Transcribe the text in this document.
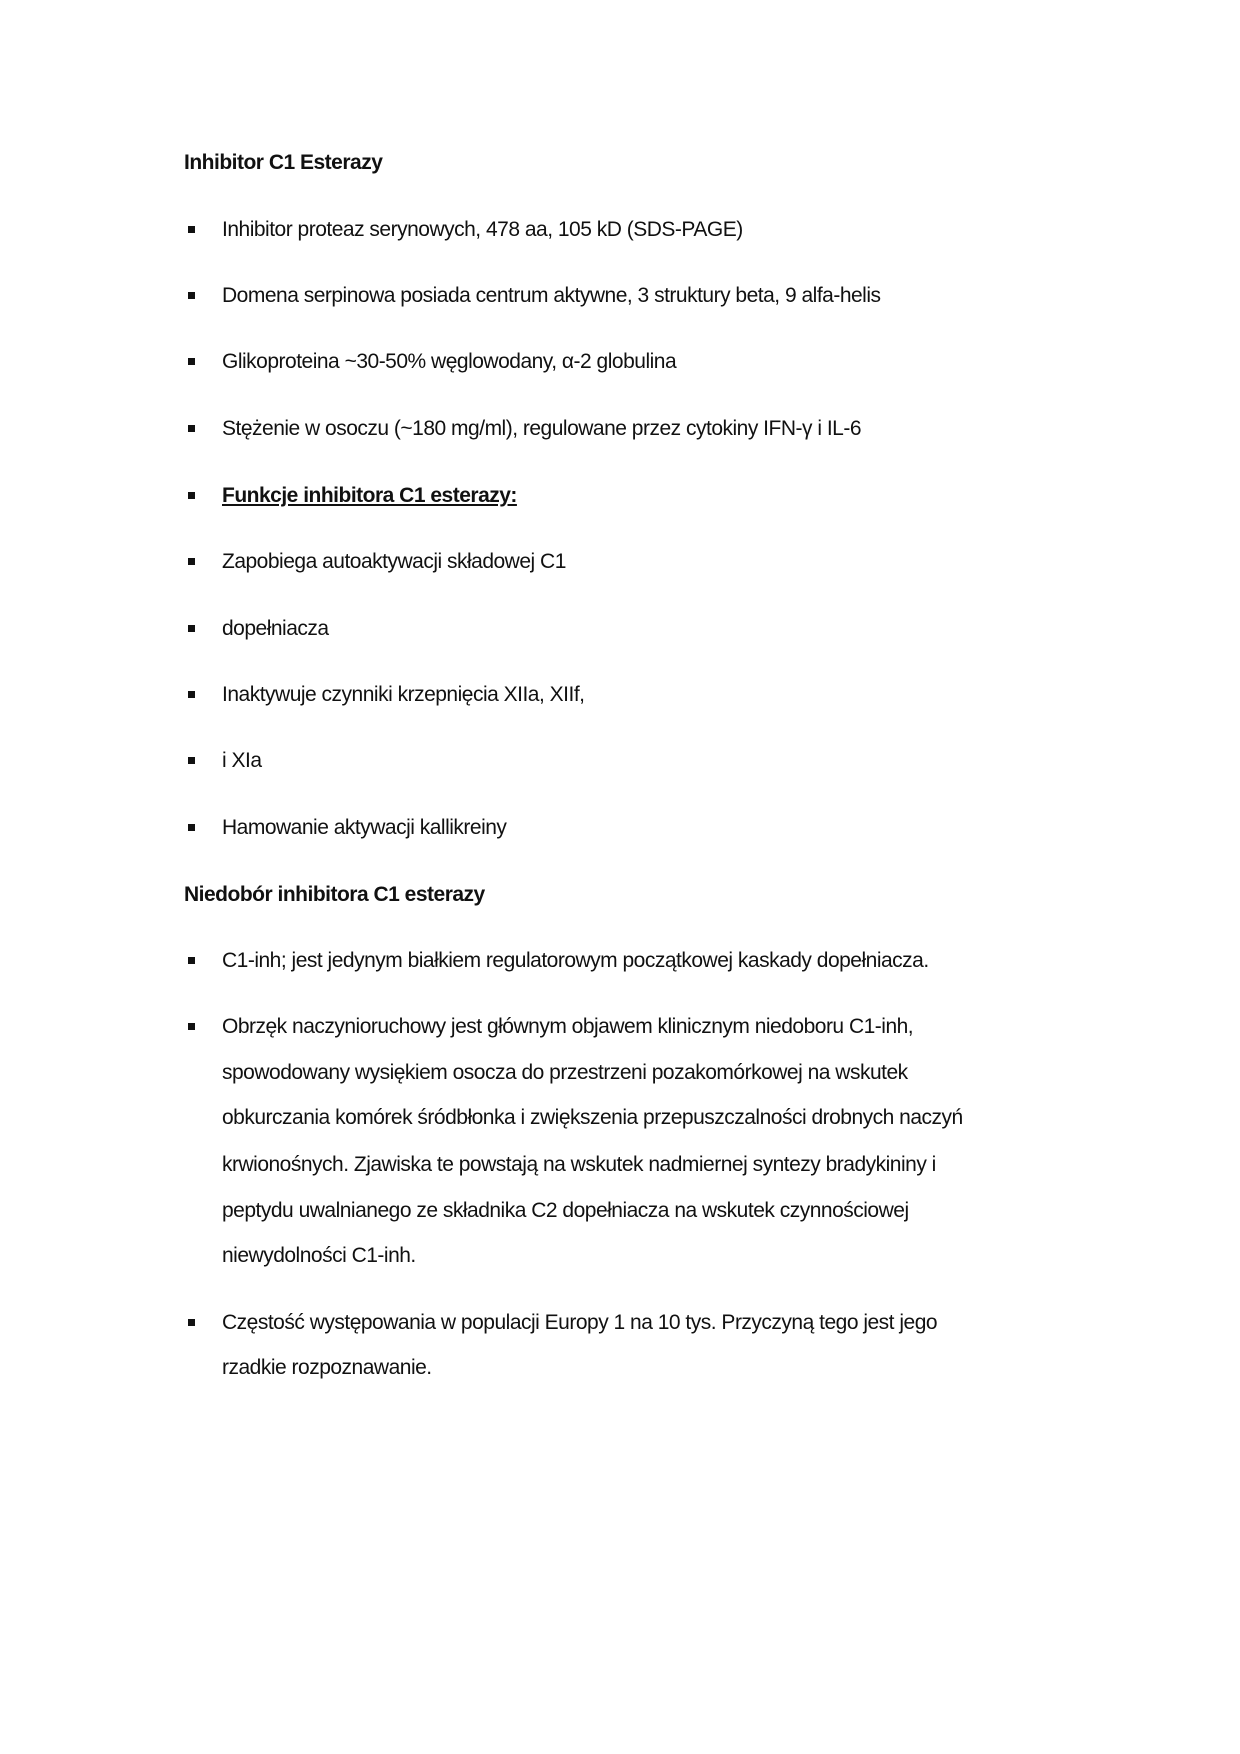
Inhibitor C1 Esterazy
Inhibitor proteaz serynowych, 478 aa, 105 kD (SDS-PAGE)
Domena serpinowa posiada centrum aktywne, 3 struktury beta, 9 alfa-helis
Glikoproteina ~30-50% węglowodany, α-2 globulina
Stężenie w osoczu (~180 mg/ml), regulowane przez cytokiny IFN-γ i IL-6
Funkcje inhibitora C1 esterazy:
Zapobiega autoaktywacji składowej C1
dopełniacza
Inaktywuje czynniki krzepnięcia XIIa, XIIf,
i XIa
Hamowanie aktywacji kallikreiny
Niedobór inhibitora C1 esterazy
C1-inh; jest jedynym białkiem regulatorowym początkowej kaskady dopełniacza.
Obrzęk naczynioruchowy jest głównym objawem klinicznym niedoboru C1-inh,
spowodowany wysiękiem osocza do przestrzeni pozakomórkowej na wskutek
obkurczania komórek śródbłonka i zwiększenia przepuszczalności drobnych naczyń
krwionośnych. Zjawiska te powstają na wskutek nadmiernej syntezy bradykininy i
peptydu uwalnianego ze składnika C2 dopełniacza na wskutek czynnościowej
niewydolności C1-inh.
Częstość występowania w populacji Europy 1 na 10 tys. Przyczyną tego jest jego
rzadkie rozpoznawanie.
